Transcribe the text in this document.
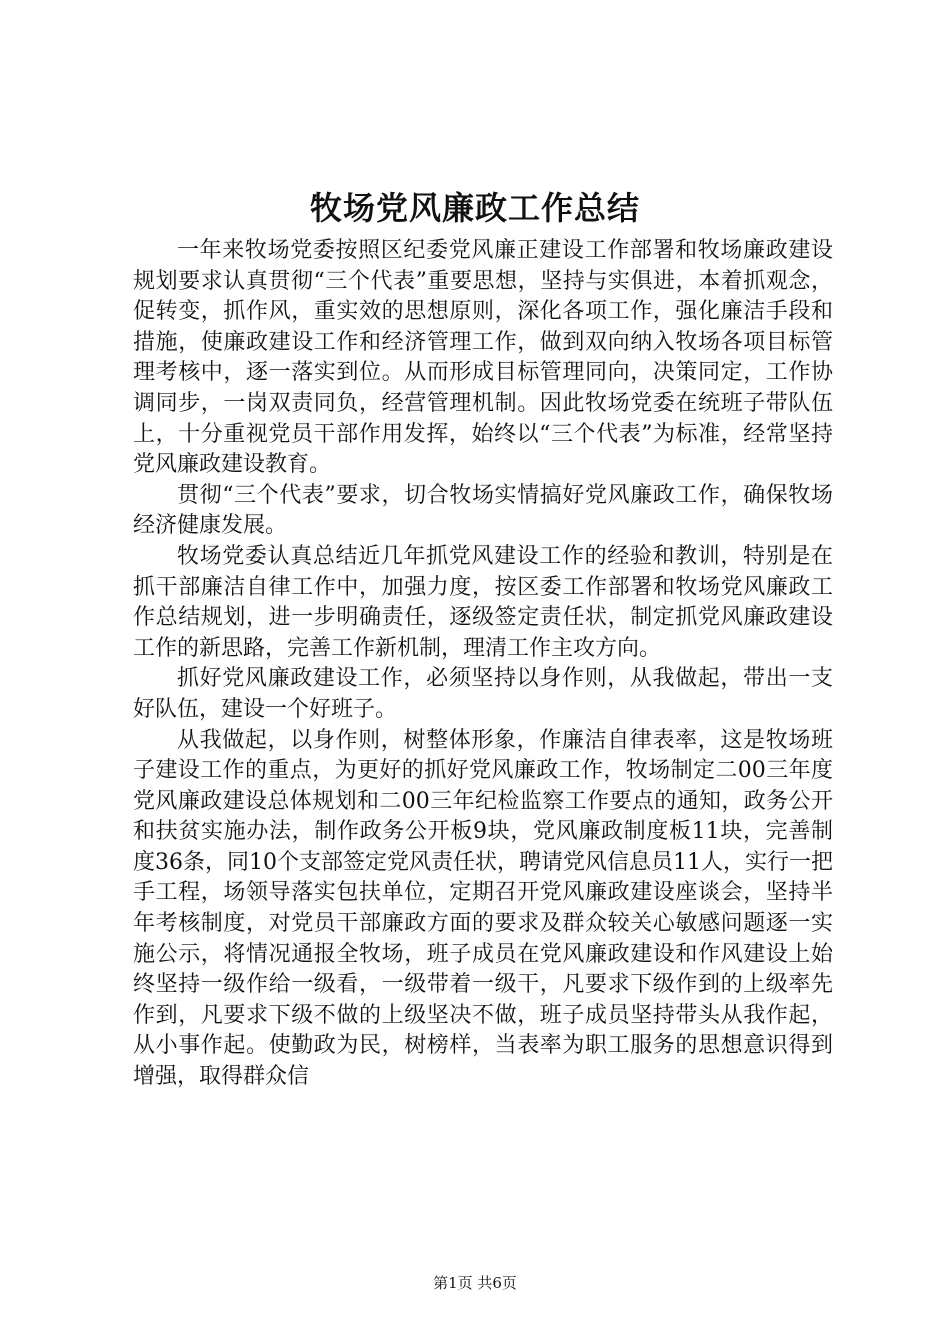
牧场党风廉政工作总结

一年来牧场党委按照区纪委党风廉正建设工作部署和牧场廉政建设规划要求认真贯彻“三个代表”重要思想，坚持与实俱进，本着抓观念，促转变，抓作风，重实效的思想原则，深化各项工作，强化廉洁手段和措施，使廉政建设工作和经济管理工作，做到双向纳入牧场各项目标管理考核中，逐一落实到位。从而形成目标管理同向，决策同定，工作协调同步，一岗双责同负，经营管理机制。因此牧场党委在统班子带队伍上，十分重视党员干部作用发挥，始终以“三个代表”为标准，经常坚持党风廉政建设教育。

贯彻“三个代表”要求，切合牧场实情搞好党风廉政工作，确保牧场经济健康发展。

牧场党委认真总结近几年抓党风建设工作的经验和教训，特别是在抓干部廉洁自律工作中，加强力度，按区委工作部署和牧场党风廉政工作总结规划，进一步明确责任，逐级签定责任状，制定抓党风廉政建设工作的新思路，完善工作新机制，理清工作主攻方向。

抓好党风廉政建设工作，必须坚持以身作则，从我做起，带出一支好队伍，建设一个好班子。

从我做起，以身作则，树整体形象，作廉洁自律表率，这是牧场班子建设工作的重点，为更好的抓好党风廉政工作，牧场制定二00三年度党风廉政建设总体规划和二00三年纪检监察工作要点的通知，政务公开和扶贫实施办法，制作政务公开板9块，党风廉政制度板11块，完善制度36条，同10个支部签定党风责任状，聘请党风信息员11人，实行一把手工程，场领导落实包扶单位，定期召开党风廉政建设座谈会，坚持半年考核制度，对党员干部廉政方面的要求及群众较关心敏感问题逐一实施公示，将情况通报全牧场，班子成员在党风廉政建设和作风建设上始终坚持一级作给一级看，一级带着一级干，凡要求下级作到的上级率先作到，凡要求下级不做的上级坚决不做，班子成员坚持带头从我作起，从小事作起。使勤政为民，树榜样，当表率为职工服务的思想意识得到增强，取得群众信

第1页 共6页
